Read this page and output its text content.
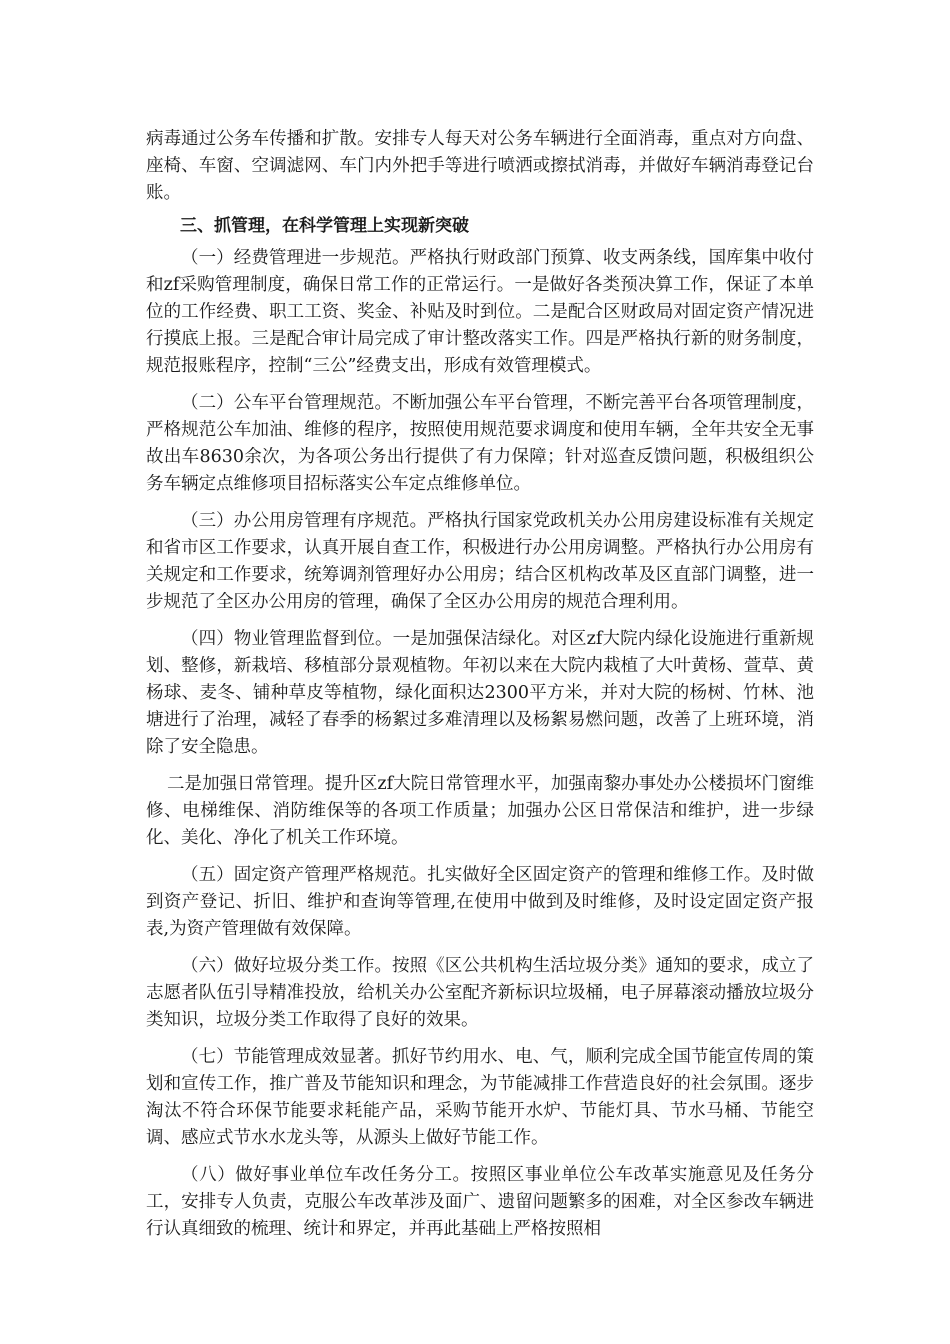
病毒通过公务车传播和扩散。安排专人每天对公务车辆进行全面消毒，重点对方向盘、座椅、车窗、空调滤网、车门内外把手等进行喷洒或擦拭消毒，并做好车辆消毒登记台账。

三、抓管理，在科学管理上实现新突破

（一）经费管理进一步规范。严格执行财政部门预算、收支两条线，国库集中收付和zf采购管理制度，确保日常工作的正常运行。一是做好各类预决算工作，保证了本单位的工作经费、职工工资、奖金、补贴及时到位。二是配合区财政局对固定资产情况进行摸底上报。三是配合审计局完成了审计整改落实工作。四是严格执行新的财务制度，规范报账程序，控制“三公”经费支出，形成有效管理模式。

（二）公车平台管理规范。不断加强公车平台管理，不断完善平台各项管理制度，严格规范公车加油、维修的程序，按照使用规范要求调度和使用车辆，全年共安全无事故出车8630余次，为各项公务出行提供了有力保障；针对巡查反馈问题，积极组织公务车辆定点维修项目招标落实公车定点维修单位。

（三）办公用房管理有序规范。严格执行国家党政机关办公用房建设标准有关规定和省市区工作要求，认真开展自查工作，积极进行办公用房调整。严格执行办公用房有关规定和工作要求，统筹调剂管理好办公用房；结合区机构改革及区直部门调整，进一步规范了全区办公用房的管理，确保了全区办公用房的规范合理利用。

（四）物业管理监督到位。一是加强保洁绿化。对区zf大院内绿化设施进行重新规划、整修，新栽培、移植部分景观植物。年初以来在大院内栽植了大叶黄杨、萱草、黄杨球、麦冬、铺种草皮等植物，绿化面积达2300平方米，并对大院的杨树、竹林、池塘进行了治理，减轻了春季的杨絮过多难清理以及杨絮易燃问题，改善了上班环境，消除了安全隐患。

二是加强日常管理。提升区zf大院日常管理水平，加强南黎办事处办公楼损坏门窗维修、电梯维保、消防维保等的各项工作质量；加强办公区日常保洁和维护，进一步绿化、美化、净化了机关工作环境。

（五）固定资产管理严格规范。扎实做好全区固定资产的管理和维修工作。及时做到资产登记、折旧、维护和查询等管理,在使用中做到及时维修，及时设定固定资产报表,为资产管理做有效保障。

（六）做好垃圾分类工作。按照《区公共机构生活垃圾分类》通知的要求，成立了志愿者队伍引导精准投放，给机关办公室配齐新标识垃圾桶，电子屏幕滚动播放垃圾分类知识，垃圾分类工作取得了良好的效果。

（七）节能管理成效显著。抓好节约用水、电、气，顺利完成全国节能宣传周的策划和宣传工作，推广普及节能知识和理念，为节能减排工作营造良好的社会氛围。逐步淘汰不符合环保节能要求耗能产品，采购节能开水炉、节能灯具、节水马桶、节能空调、感应式节水水龙头等，从源头上做好节能工作。

（八）做好事业单位车改任务分工。按照区事业单位公车改革实施意见及任务分工，安排专人负责，克服公车改革涉及面广、遗留问题繁多的困难，对全区参改车辆进行认真细致的梳理、统计和界定，并再此基础上严格按照相
